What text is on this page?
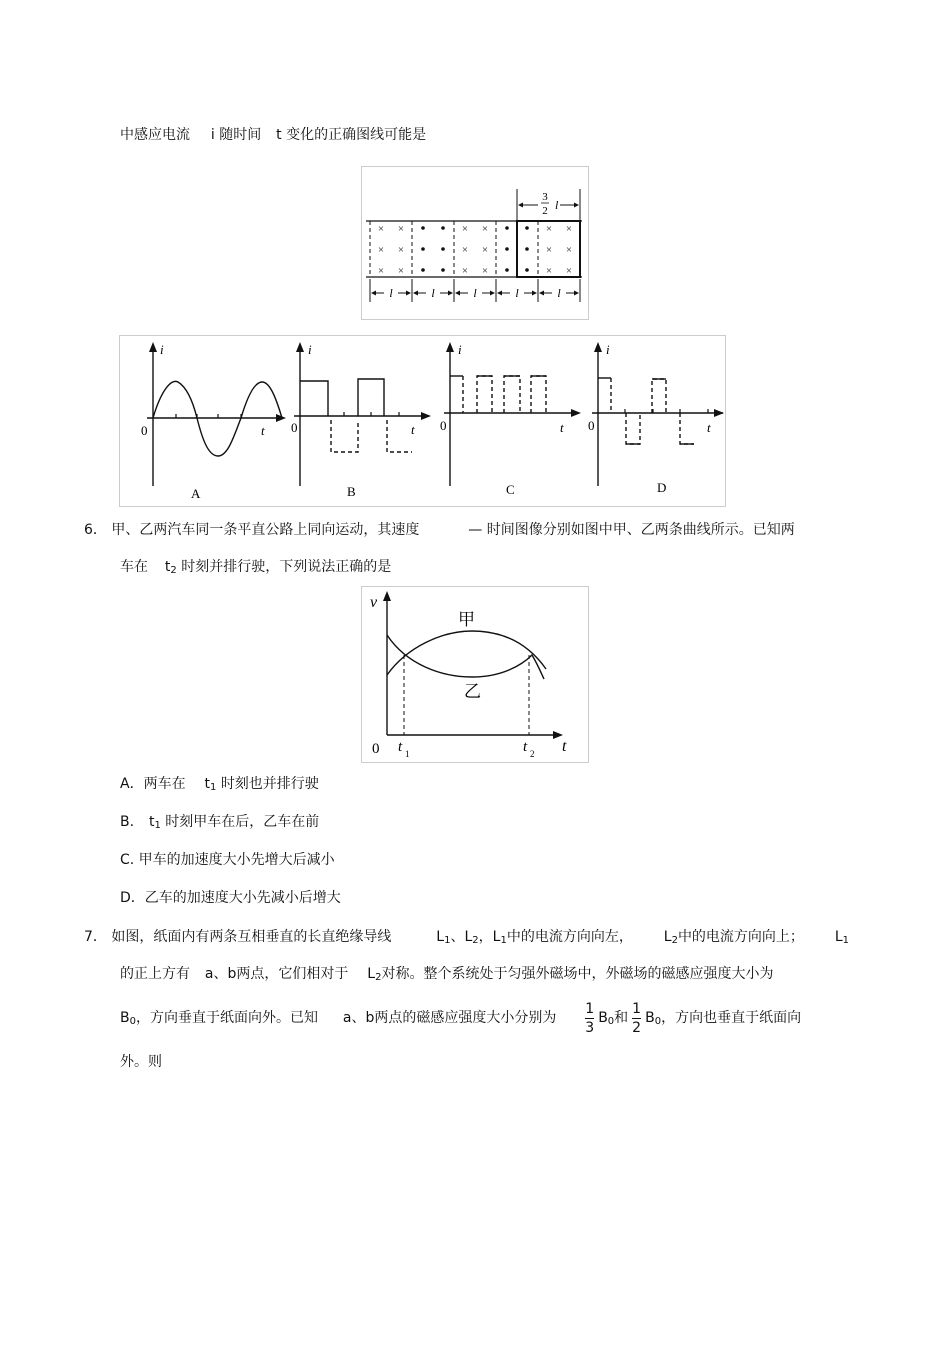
中感应电流 i 随时间 t 变化的正确图线可能是
× ×
× ×
× ×
× ×
× ×
× ×
× ×
× ×
× ×
3
2 l
l	l	l	l	l
i
t
i
t
i
t
i
t
0	0	0	0
A	B	C	D
6． 甲、乙两汽车同一条平直公路上同向运动，其速度	— 时间图像分别如图中甲、乙两条曲线所示。已知两
车在 $t_2$ 时刻并排行驶，下列说法正确的是
v
t
0
甲
乙
t 1	t 2
A．两车在 $t_1$ 时刻也并排行驶
B. $t_1$ 时刻甲车在后，乙车在前
C. 甲车的加速度大小先增大后减小
D．乙车的加速度大小先减小后增大
7． 如图，纸面内有两条互相垂直的长直绝缘导线	$L_1$、$L_2$，$L_1$中的电流方向向左， $L_2$中的电流方向向上； $L_1$
的正上方有 a、b两点，它们相对于 $L_2$对称。整个系统处于匀强外磁场中，外磁场的磁感应强度大小为
$B_0$，方向垂直于纸面向外。已知 a、b两点的磁感应强度大小分别为 $\frac{1}{3} B_0$和 $\frac{1}{2} B_0$，方向也垂直于纸面向
外。则
